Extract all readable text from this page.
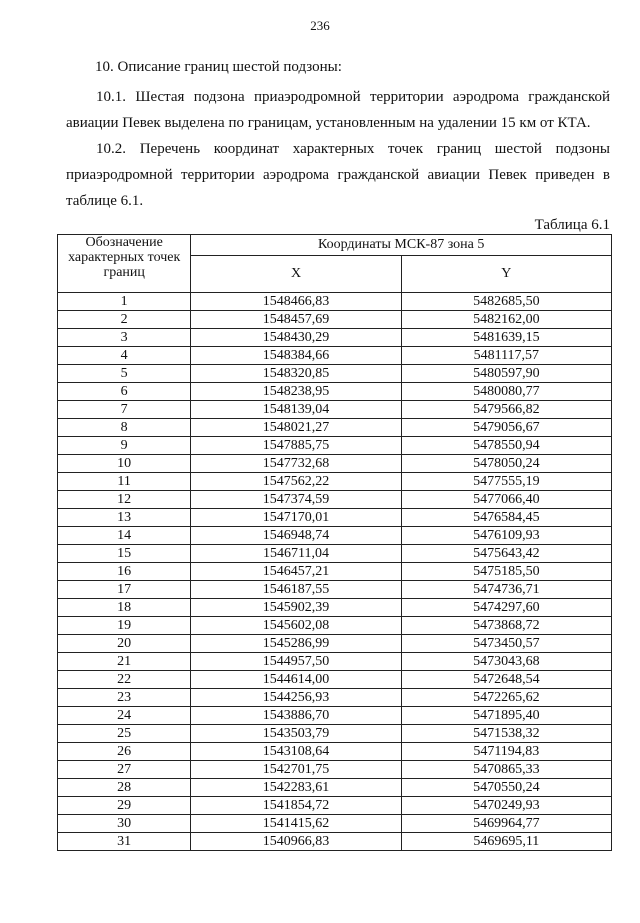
236
10. Описание границ шестой подзоны:

10.1. Шестая подзона приаэродромной территории аэродрома гражданской авиации Певек выделена по границам, установленным на удалении 15 км от КТА.

10.2. Перечень координат характерных точек границ шестой подзоны приаэродромной территории аэродрома гражданской авиации Певек приведен в таблице 6.1.

Таблица 6.1
Обозначение характерных точек границ	Координаты МСК-87 зона 5	
	X	Y
1	1548466,83	5482685,50
2	1548457,69	5482162,00
3	1548430,29	5481639,15
4	1548384,66	5481117,57
5	1548320,85	5480597,90
6	1548238,95	5480080,77
7	1548139,04	5479566,82
8	1548021,27	5479056,67
9	1547885,75	5478550,94
10	1547732,68	5478050,24
11	1547562,22	5477555,19
12	1547374,59	5477066,40
13	1547170,01	5476584,45
14	1546948,74	5476109,93
15	1546711,04	5475643,42
16	1546457,21	5475185,50
17	1546187,55	5474736,71
18	1545902,39	5474297,60
19	1545602,08	5473868,72
20	1545286,99	5473450,57
21	1544957,50	5473043,68
22	1544614,00	5472648,54
23	1544256,93	5472265,62
24	1543886,70	5471895,40
25	1543503,79	5471538,32
26	1543108,64	5471194,83
27	1542701,75	5470865,33
28	1542283,61	5470550,24
29	1541854,72	5470249,93
30	1541415,62	5469964,77
31	1540966,83	5469695,11
